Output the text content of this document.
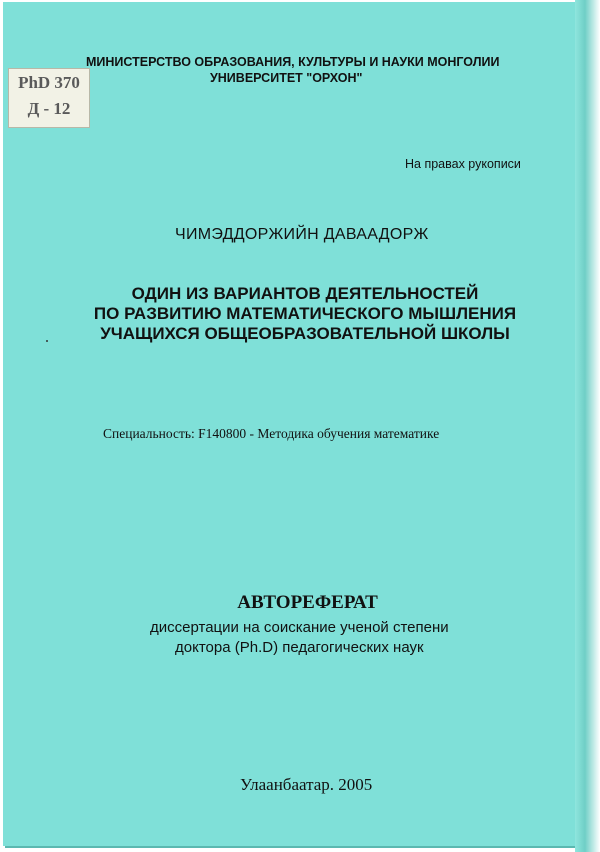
PhD 370
Д - 12
МИНИСТЕРСТВО ОБРАЗОВАНИЯ, КУЛЬТУРЫ И НАУКИ МОНГОЛИИ
УНИВЕРСИТЕТ "ОРХОН"
На правах рукописи
ЧИМЭДДОРЖИЙН ДАВААДОРЖ
ОДИН ИЗ ВАРИАНТОВ ДЕЯТЕЛЬНОСТЕЙ
ПО РАЗВИТИЮ МАТЕМАТИЧЕСКОГО МЫШЛЕНИЯ
УЧАЩИХСЯ ОБЩЕОБРАЗОВАТЕЛЬНОЙ ШКОЛЫ
Специальность: F140800 - Методика обучения математике
АВТОРЕФЕРАТ
диссертации на соискание ученой степени
доктора (Ph.D) педагогических наук
Улаанбаатар. 2005
